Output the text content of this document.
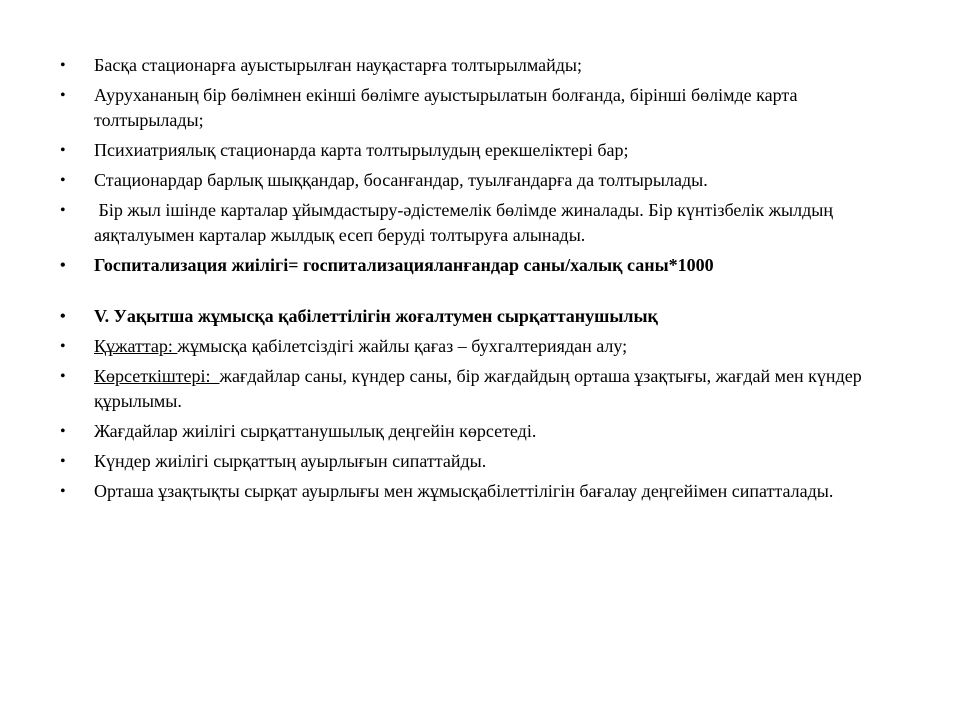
• Басқа стационарға ауыстырылған науқастарға толтырылмайды;
• Аурухананың бір бөлімнен екінші бөлімге ауыстырылатын болғанда, бірінші бөлімде карта толтырылады;
• Психиатриялық стационарда карта толтырылудың ерекшеліктері бар;
• Стационардар барлық шыққандар, босанғандар, туылғандарға да толтырылады.
• Бір жыл ішінде карталар ұйымдастыру-әдістемелік бөлімде жиналады. Бір күнтізбелік жылдың аяқталуымен карталар жылдық есеп беруді толтыруға алынады.
• Госпитализация жиілігі= госпитализацияланғандар саны/халық саны*1000
• V. Уақытша жұмысқа қабілеттілігін жоғалтумен сырқаттанушылық
• Құжаттар: жұмысқа қабілетсіздігі жайлы қағаз – бухгалтериядан алу;
• Көрсеткіштері:  жағдайлар саны, күндер саны, бір жағдайдың орташа ұзақтығы, жағдай мен күндер құрылымы.
• Жағдайлар жиілігі сырқаттанушылық деңгейін көрсетеді.
• Күндер жиілігі сырқаттың ауырлығын сипаттайды.
• Орташа ұзақтықты сырқат ауырлығы мен жұмысқабілеттілігін бағалау деңгейімен сипатталады.
